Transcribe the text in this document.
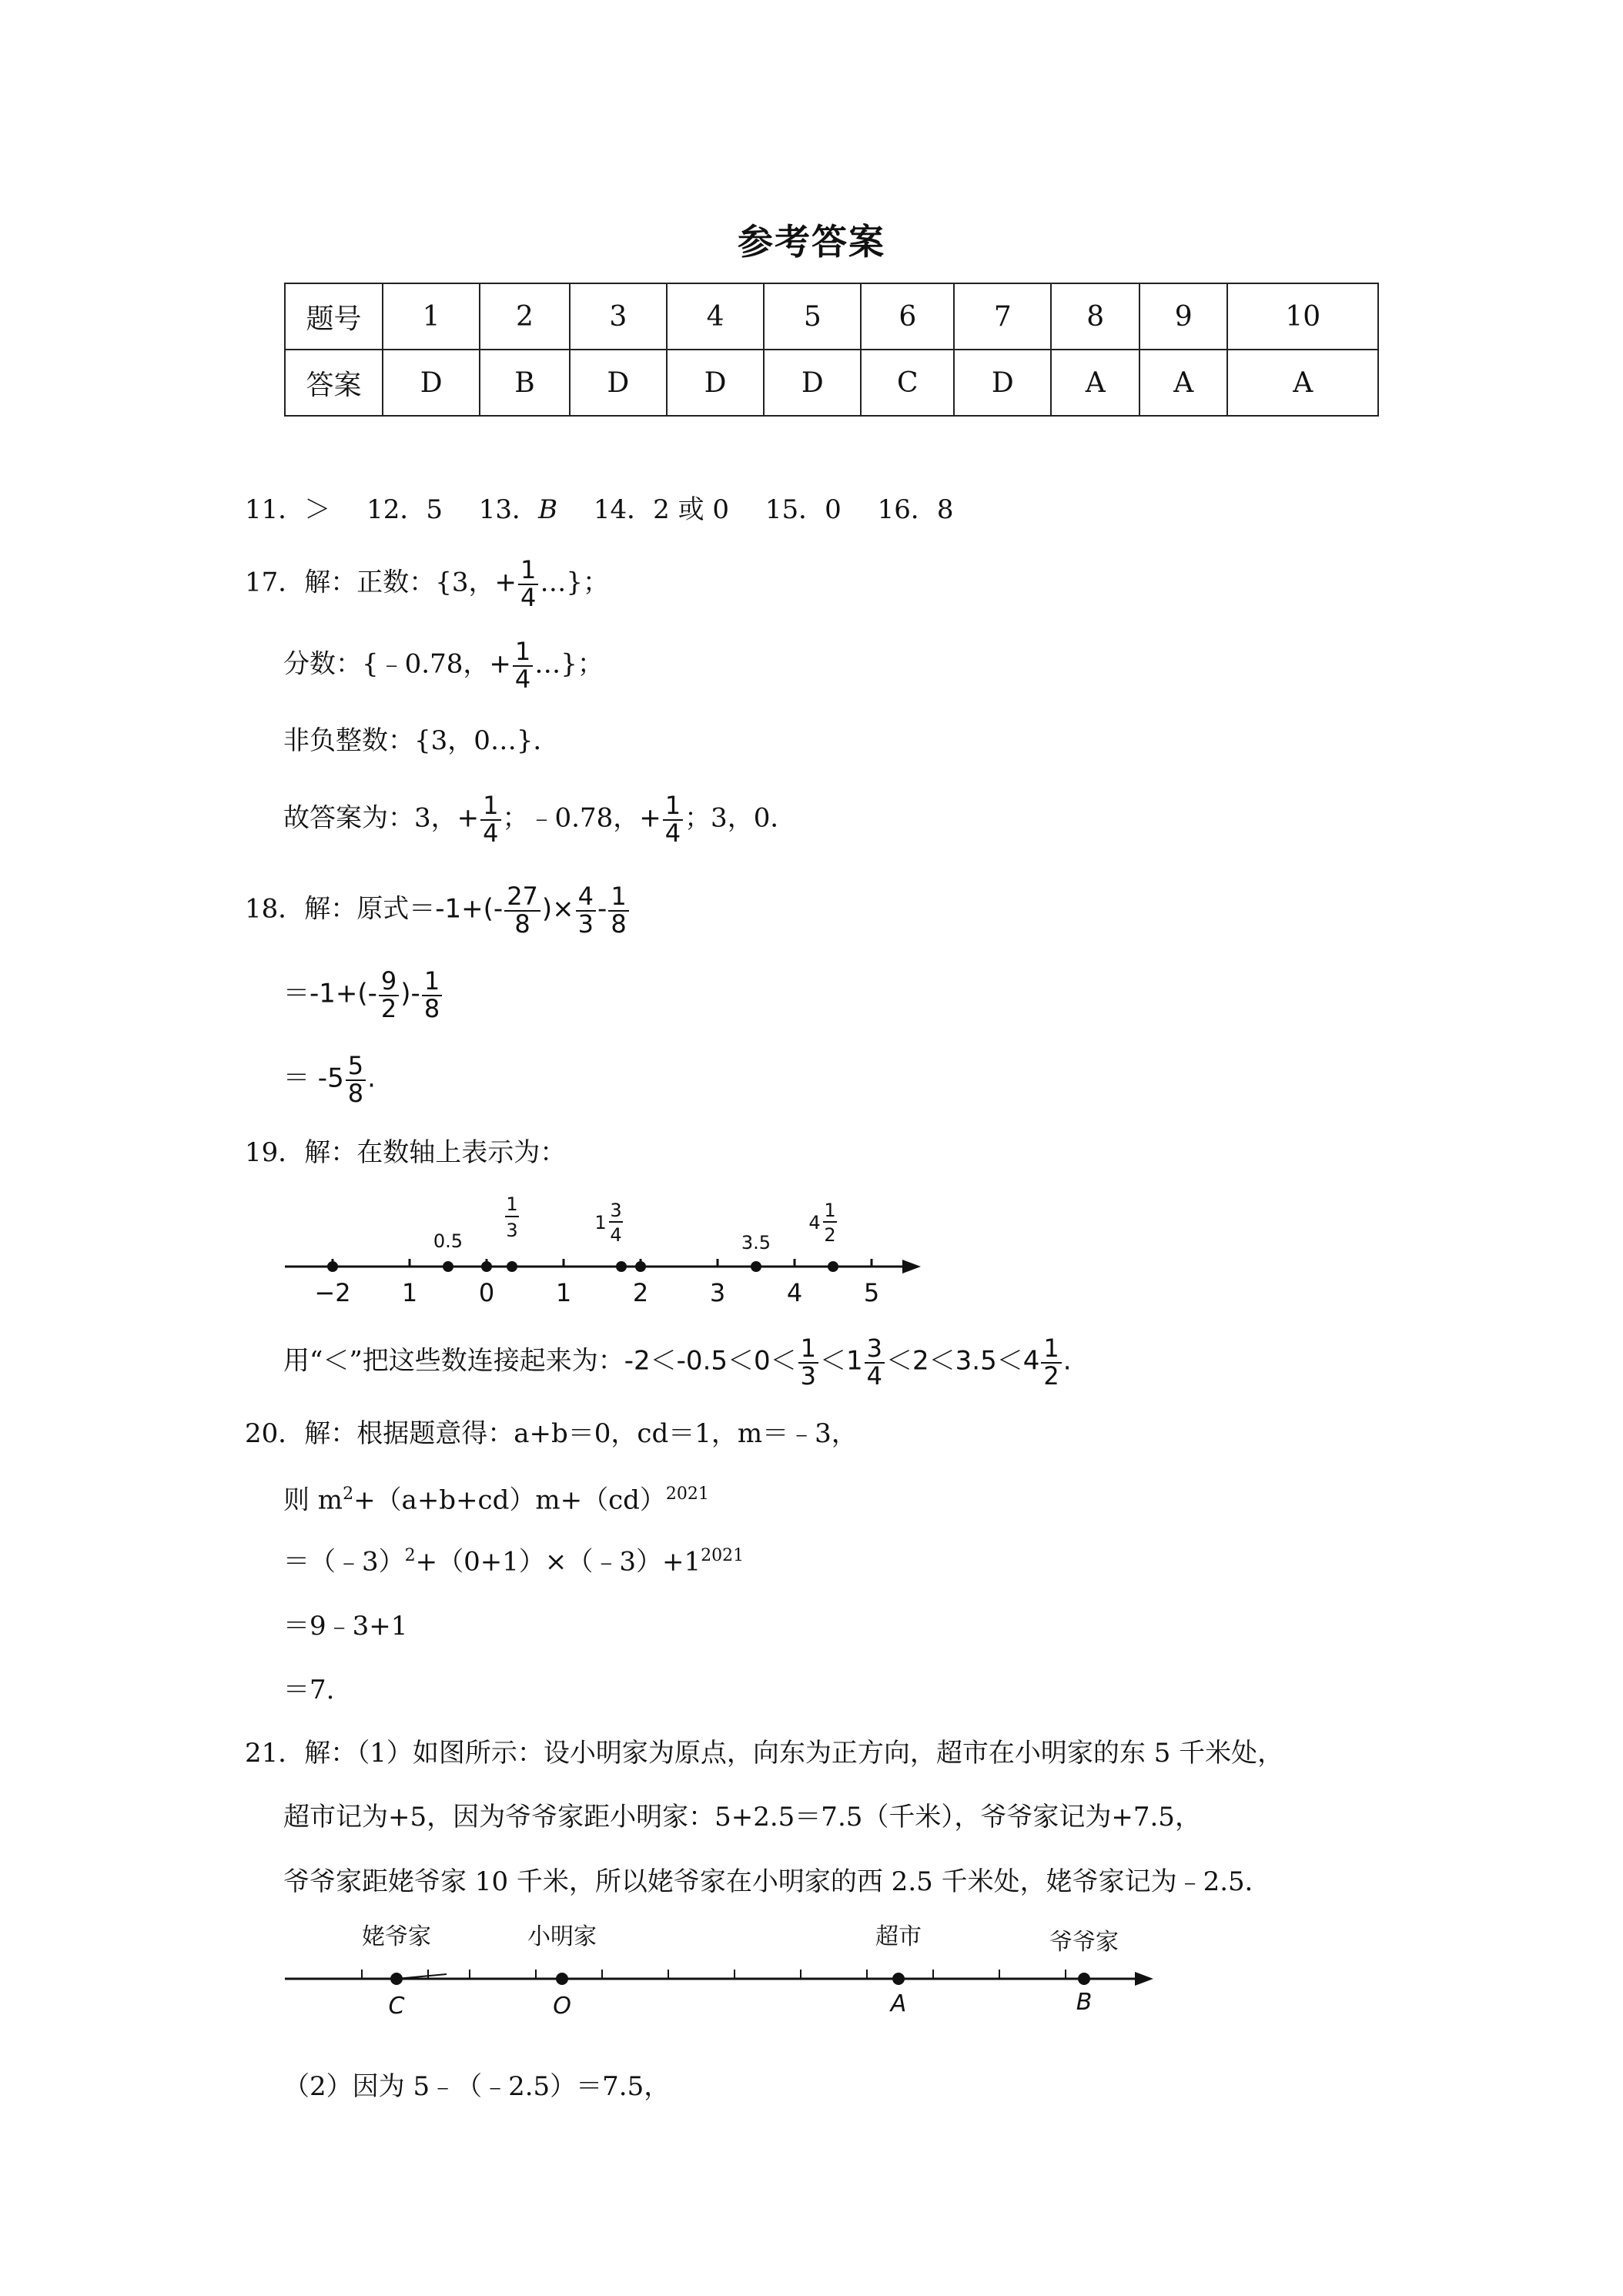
参考答案
题号	1	2	3	4	5	6	7	8	9	10
答案	D	B	D	D	D	C	D	A	A	A
11．＞ 12．5 13．B 14．2 或 0 15．0 16．8
17．解：正数：{3，+ $\frac{1}{4}$ …}；
分数：{﹣0.78，+ $\frac{1}{4}$ …}；
非负整数：{3，0…}．
故答案为：3，+ $\frac{1}{4}$ ；﹣0.78，+ $\frac{1}{4}$ ；3，0．
18．解：原式$=-1+(- \frac{27}{8}$ )× $\frac{4}{3} - \frac{1}{8}$
$=-1+(- \frac{9}{2}$ )- $\frac{1}{8}$
＝ $-5 \frac{5}{8}$ .
19．解：在数轴上表示为：
−2 1 0 1 2 3 4 5
0.5
1
3	1
3
4	3.5
4
1
2
用“＜”把这些数连接起来为：$-2<-0.5<0< \frac{1}{3} <1 \frac{3}{4} <2<3.5<4 \frac{1}{2}$ .
20．解：根据题意得：a+b＝0，cd＝1，m＝﹣3，
则 $m^2+(a+b+cd)m+(cd)^{2021}$
$=(﹣3)^2+(0+1)\times(﹣3)+1^{2021}$
＝9﹣3+1
＝7.
21．解：（1）如图所示：设小明家为原点，向东为正方向，超市在小明家的东 5 千米处，
超市记为+5，因为爷爷家距小明家：5+2.5＝7.5（千米），爷爷家记为+7.5，
爷爷家距姥爷家 10 千米，所以姥爷家在小明家的西 2.5 千米处，姥爷家记为﹣2.5．
姥爷家	小明家	超市	爷爷家
C	O	A	B
（2）因为 5﹣（﹣2.5）＝7.5，
